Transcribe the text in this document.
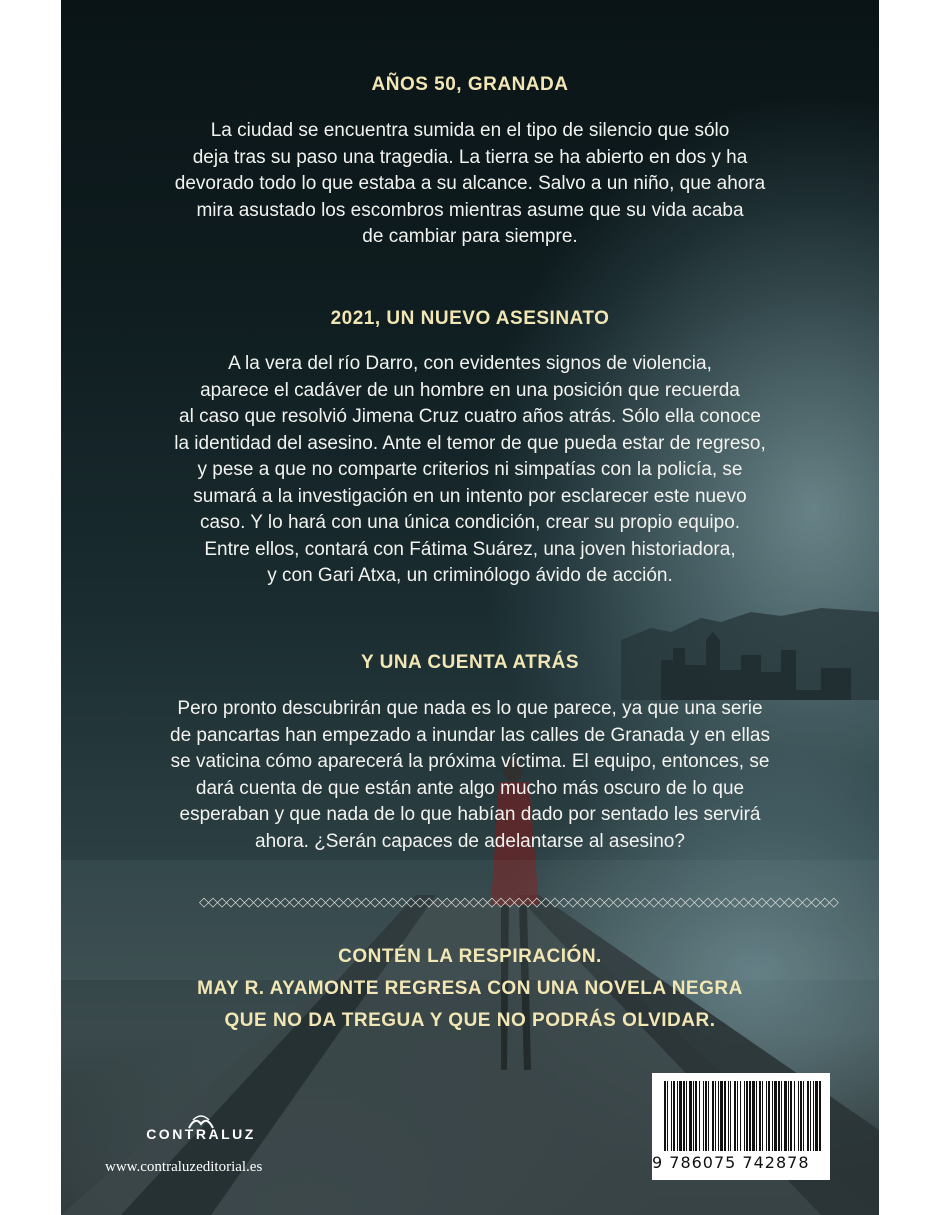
AÑOS 50, GRANADA
La ciudad se encuentra sumida en el tipo de silencio que sólo
deja tras su paso una tragedia. La tierra se ha abierto en dos y ha
devorado todo lo que estaba a su alcance. Salvo a un niño, que ahora
mira asustado los escombros mientras asume que su vida acaba
de cambiar para siempre.
2021, UN NUEVO ASESINATO
A la vera del río Darro, con evidentes signos de violencia,
aparece el cadáver de un hombre en una posición que recuerda
al caso que resolvió Jimena Cruz cuatro años atrás. Sólo ella conoce
la identidad del asesino. Ante el temor de que pueda estar de regreso,
y pese a que no comparte criterios ni simpatías con la policía, se
sumará a la investigación en un intento por esclarecer este nuevo
caso. Y lo hará con una única condición, crear su propio equipo.
Entre ellos, contará con Fátima Suárez, una joven historiadora,
y con Gari Atxa, un criminólogo ávido de acción.
Y UNA CUENTA ATRÁS
Pero pronto descubrirán que nada es lo que parece, ya que una serie
de pancartas han empezado a inundar las calles de Granada y en ellas
se vaticina cómo aparecerá la próxima víctima. El equipo, entonces, se
dará cuenta de que están ante algo mucho más oscuro de lo que
esperaban y que nada de lo que habían dado por sentado les servirá
ahora. ¿Serán capaces de adelantarse al asesino?
◇◇◇◇◇◇◇◇◇◇◇◇◇◇◇◇◇◇◇◇◇◇◇◇◇◇◇◇◇◇◇◇◇◇◇◇◇◇◇◇◇◇◇◇◇◇◇◇◇◇◇◇◇◇◇◇◇◇◇◇◇◇◇◇◇◇◇◇◇◇◇
CONTÉN LA RESPIRACIÓN.
MAY R. AYAMONTE REGRESA CON UNA NOVELA NEGRA
QUE NO DA TREGUA Y QUE NO PODRÁS OLVIDAR.
CONTRALUZ
www.contraluzeditorial.es	9 786075 742878
